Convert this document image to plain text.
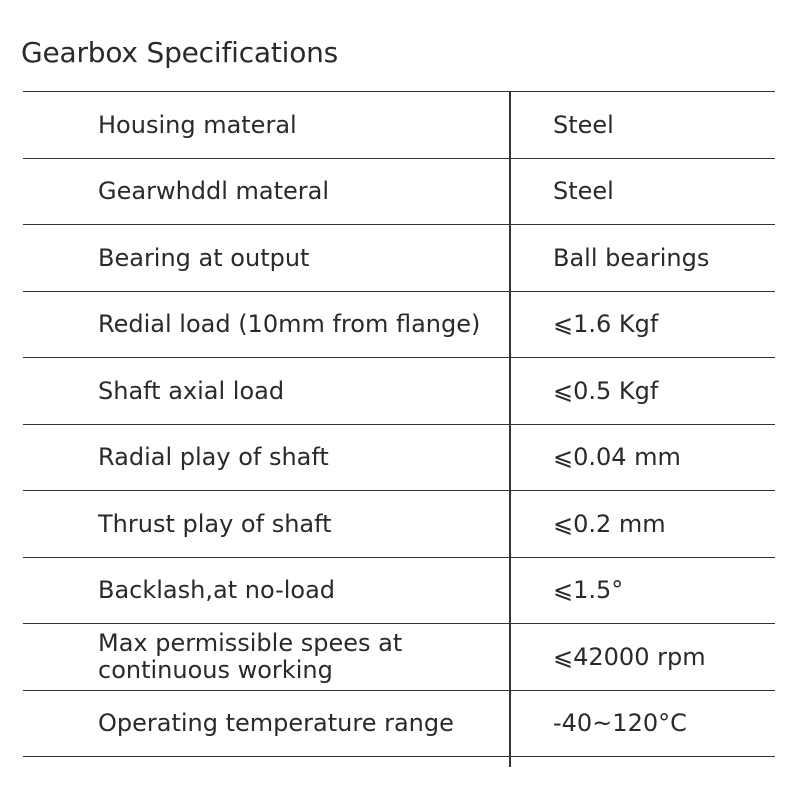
Gearbox Specifications
Housing materal	Steel
Gearwhddl materal	Steel
Bearing at output	Ball bearings
Redial load (10mm from flange)	⩽1.6 Kgf
Shaft axial load	⩽0.5 Kgf
Radial play of shaft	⩽0.04 mm
Thrust play of shaft	⩽0.2 mm
Backlash,at no-load	⩽1.5°
Max permissible spees at continuous working	⩽42000 rpm
Operating temperature range	-40~120°C
